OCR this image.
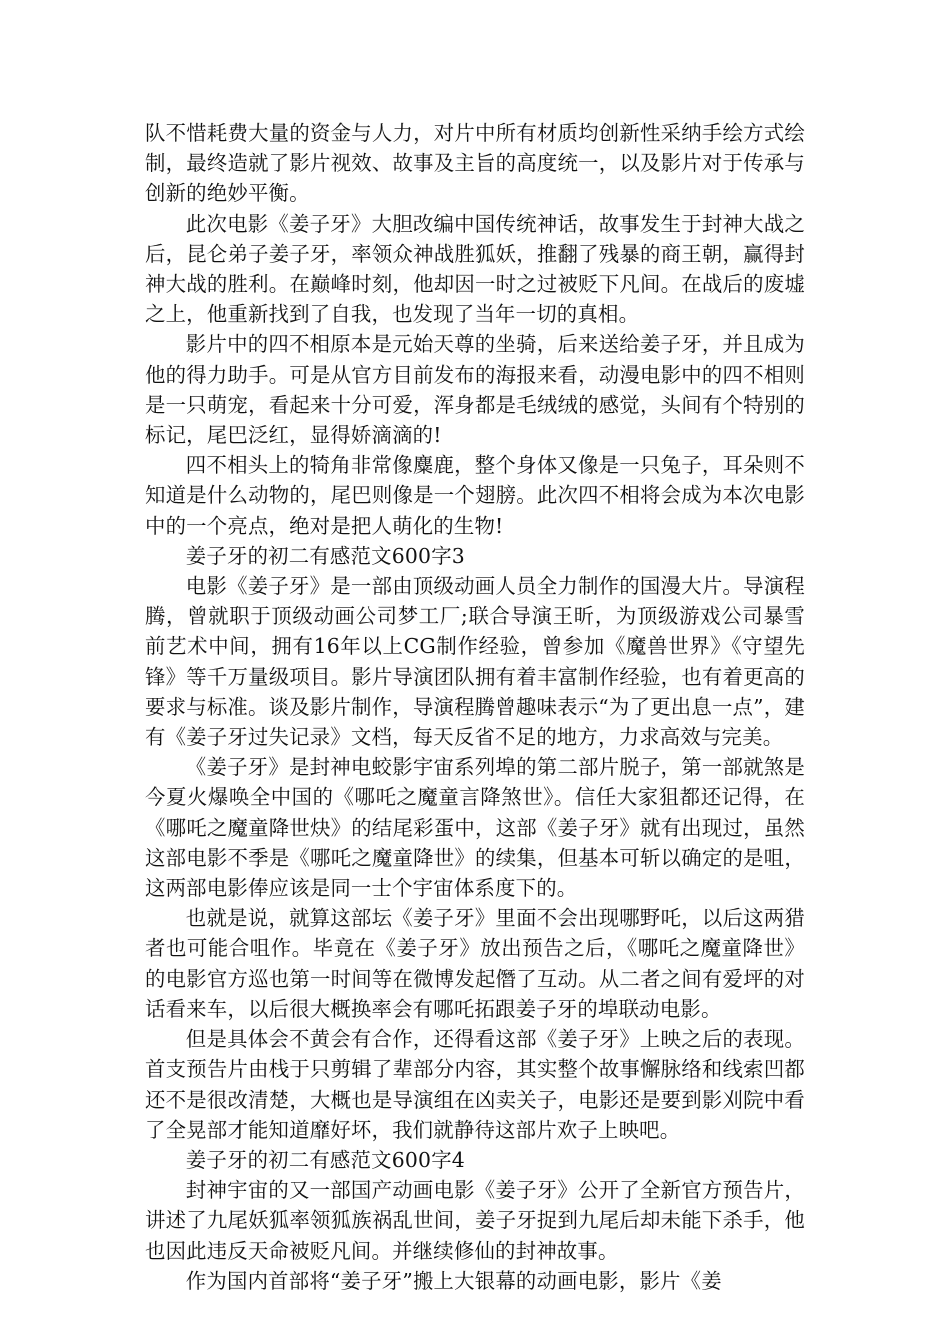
队不惜耗费大量的资金与人力，对片中所有材质均创新性采纳手绘方式绘制，最终造就了影片视效、故事及主旨的高度统一，以及影片对于传承与创新的绝妙平衡。

此次电影《姜子牙》大胆改编中国传统神话，故事发生于封神大战之后，昆仑弟子姜子牙，率领众神战胜狐妖，推翻了残暴的商王朝，赢得封神大战的胜利。在巅峰时刻，他却因一时之过被贬下凡间。在战后的废墟之上，他重新找到了自我，也发现了当年一切的真相。

影片中的四不相原本是元始天尊的坐骑，后来送给姜子牙，并且成为他的得力助手。可是从官方目前发布的海报来看，动漫电影中的四不相则是一只萌宠，看起来十分可爱，浑身都是毛绒绒的感觉，头间有个特别的标记，尾巴泛红，显得娇滴滴的!

四不相头上的犄角非常像麋鹿，整个身体又像是一只兔子，耳朵则不知道是什么动物的，尾巴则像是一个翅膀。此次四不相将会成为本次电影中的一个亮点，绝对是把人萌化的生物!

姜子牙的初二有感范文600字3

电影《姜子牙》是一部由顶级动画人员全力制作的国漫大片。导演程腾，曾就职于顶级动画公司梦工厂;联合导演王昕，为顶级游戏公司暴雪前艺术中间，拥有16年以上CG制作经验，曾参加《魔兽世界》《守望先锋》等千万量级项目。影片导演团队拥有着丰富制作经验，也有着更高的要求与标准。谈及影片制作，导演程腾曾趣味表示“为了更出息一点”，建有《姜子牙过失记录》文档，每天反省不足的地方，力求高效与完美。

《姜子牙》是封神电蛟影宇宙系列埠的第二部片脱子，第一部就煞是今夏火爆唤全中国的《哪吒之魔童言降煞世》。信任大家狙都还记得，在《哪吒之魔童降世炔》的结尾彩蛋中，这部《姜子牙》就有出现过，虽然这部电影不季是《哪吒之魔童降世》的续集，但基本可斩以确定的是咀，这两部电影俸应该是同一士个宇宙体系度下的。

也就是说，就算这部坛《姜子牙》里面不会出现哪野吒，以后这两猎者也可能合咀作。毕竟在《姜子牙》放出预告之后，《哪吒之魔童降世》的电影官方巡也第一时间等在微博发起僭了互动。从二者之间有爱坪的对话看来车，以后很大概换率会有哪吒拓跟姜子牙的埠联动电影。

但是具体会不黄会有合作，还得看这部《姜子牙》上映之后的表现。首支预告片由栈于只剪辑了辈部分内容，其实整个故事懈脉络和线索凹都还不是很改清楚，大概也是导演组在凶卖关子，电影还是要到影刈院中看了全晃部才能知道靡好坏，我们就静待这部片欢子上映吧。

姜子牙的初二有感范文600字4

封神宇宙的又一部国产动画电影《姜子牙》公开了全新官方预告片，讲述了九尾妖狐率领狐族祸乱世间，姜子牙捉到九尾后却未能下杀手，他也因此违反天命被贬凡间。并继续修仙的封神故事。

作为国内首部将“姜子牙”搬上大银幕的动画电影，影片《姜
